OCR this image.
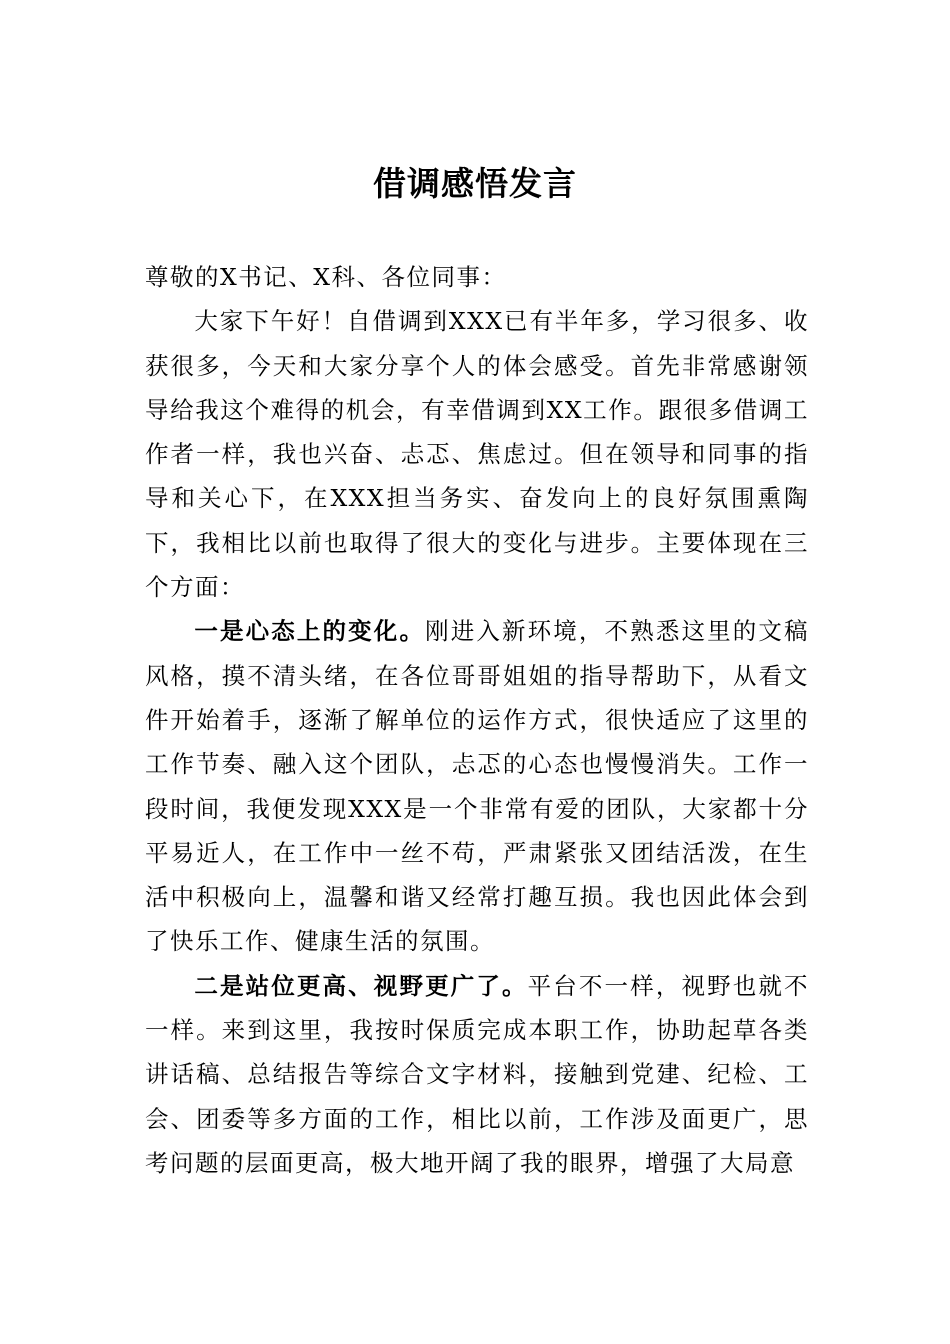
借调感悟发言

尊敬的X书记、X科、各位同事：

大家下午好！自借调到XXX已有半年多，学习很多、收获很多，今天和大家分享个人的体会感受。首先非常感谢领导给我这个难得的机会，有幸借调到XX工作。跟很多借调工作者一样，我也兴奋、忐忑、焦虑过。但在领导和同事的指导和关心下，在XXX担当务实、奋发向上的良好氛围熏陶下，我相比以前也取得了很大的变化与进步。主要体现在三个方面：

一是心态上的变化。刚进入新环境，不熟悉这里的文稿风格，摸不清头绪，在各位哥哥姐姐的指导帮助下，从看文件开始着手，逐渐了解单位的运作方式，很快适应了这里的工作节奏、融入这个团队，忐忑的心态也慢慢消失。工作一段时间，我便发现XXX是一个非常有爱的团队，大家都十分平易近人，在工作中一丝不苟，严肃紧张又团结活泼，在生活中积极向上，温馨和谐又经常打趣互损。我也因此体会到了快乐工作、健康生活的氛围。

二是站位更高、视野更广了。平台不一样，视野也就不一样。来到这里，我按时保质完成本职工作，协助起草各类讲话稿、总结报告等综合文字材料，接触到党建、纪检、工会、团委等多方面的工作，相比以前，工作涉及面更广，思考问题的层面更高，极大地开阔了我的眼界，增强了大局意
